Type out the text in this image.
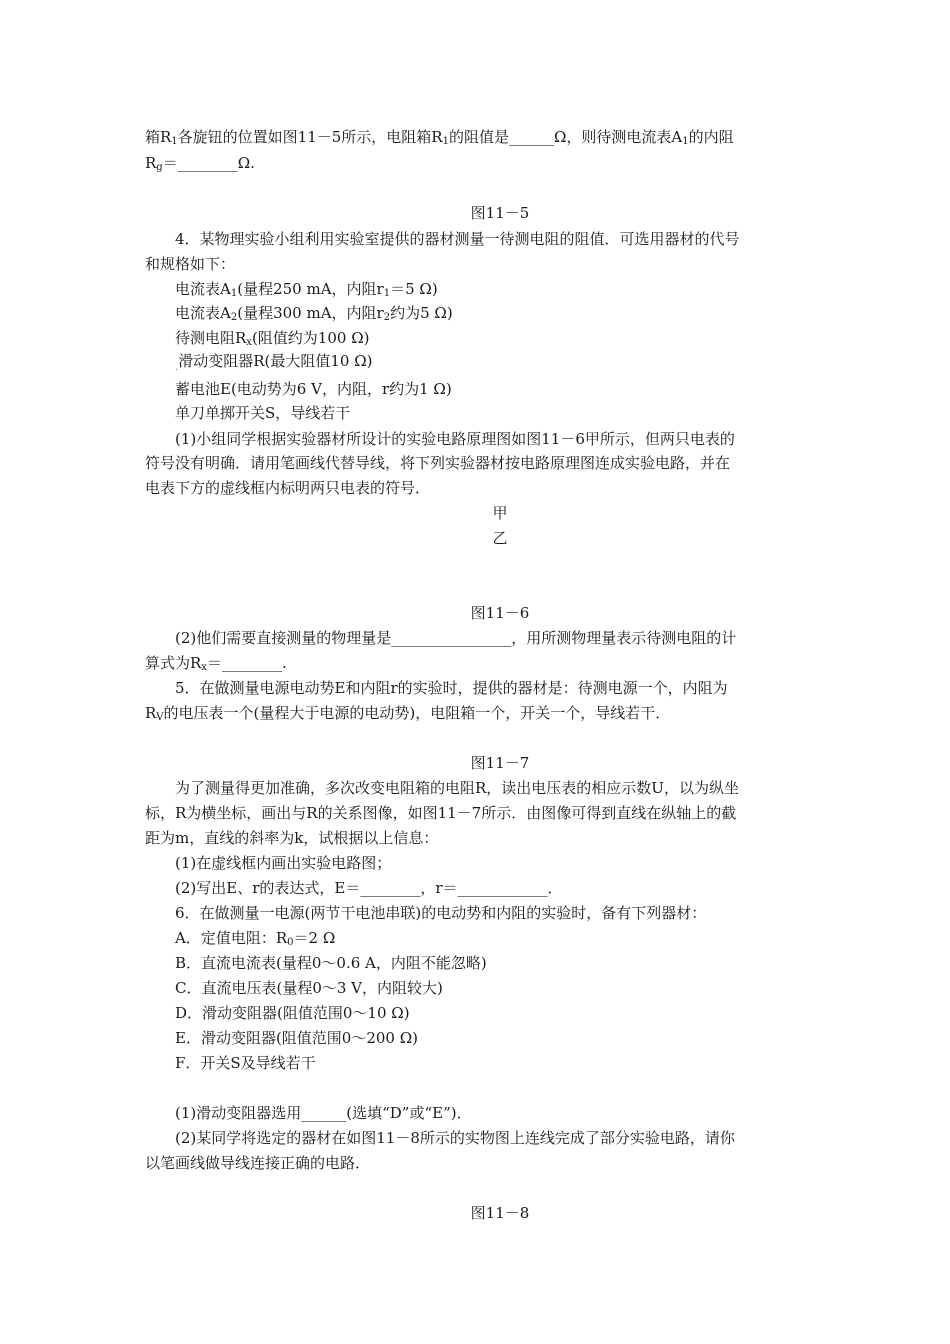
箱$R_1$各旋钮的位置如图11－5所示，电阻箱$R_1$的阻值是______Ω，则待测电流表$A_1$的内阻
$R_g=\_\_\_\_\_\_\_\_\Omega$.
图11－5
4．某物理实验小组利用实验室提供的器材测量一待测电阻的阻值．可选用器材的代号
和规格如下：
电流表$A_1$(量程250 mA，内阻$r_1=5$ Ω)
电流表$A_2$(量程300 mA，内阻$r_2$约为5 Ω)
待测电阻$R_x$(阻值约为100 Ω)
$_.$滑动变阻器R(最大阻值10 Ω)
蓄电池E(电动势为6 V，内阻，r约为1 Ω)
单刀单掷开关S，导线若干
(1)小组同学根据实验器材所设计的实验电路原理图如图11－6甲所示，但两只电表的
符号没有明确．请用笔画线代替导线，将下列实验器材按电路原理图连成实验电路，并在
电表下方的虚线框内标明两只电表的符号．
甲
乙
图11－6
(2)他们需要直接测量的物理量是________________，用所测物理量表示待测电阻的计
算式为$R_x=\_\_\_\_\_\_\_\_$.
5．在做测量电源电动势E和内阻r的实验时，提供的器材是：待测电源一个，内阻为
$R_V$的电压表一个(量程大于电源的电动势)，电阻箱一个，开关一个，导线若干．
图11－7
为了测量得更加准确，多次改变电阻箱的电阻R，读出电压表的相应示数U，以为纵坐
标，R为横坐标，画出与R的关系图像，如图11－7所示．由图像可得到直线在纵轴上的截
距为m，直线的斜率为k，试根据以上信息：
(1)在虚线框内画出实验电路图；
(2)写出E、r的表达式，E＝________，r＝____________．
6．在做测量一电源(两节干电池串联)的电动势和内阻的实验时，备有下列器材：
A．定值电阻：$R_0=2$ Ω
B．直流电流表(量程0～0.6 A，内阻不能忽略)
C．直流电压表(量程0～3 V，内阻较大)
D．滑动变阻器(阻值范围0～10 Ω)
E．滑动变阻器(阻值范围0～200 Ω)
F．开关S及导线若干
(1)滑动变阻器选用______(选填“D”或“E”)．
(2)某同学将选定的器材在如图11－8所示的实物图上连线完成了部分实验电路，请你
以笔画线做导线连接正确的电路．
图11－8
